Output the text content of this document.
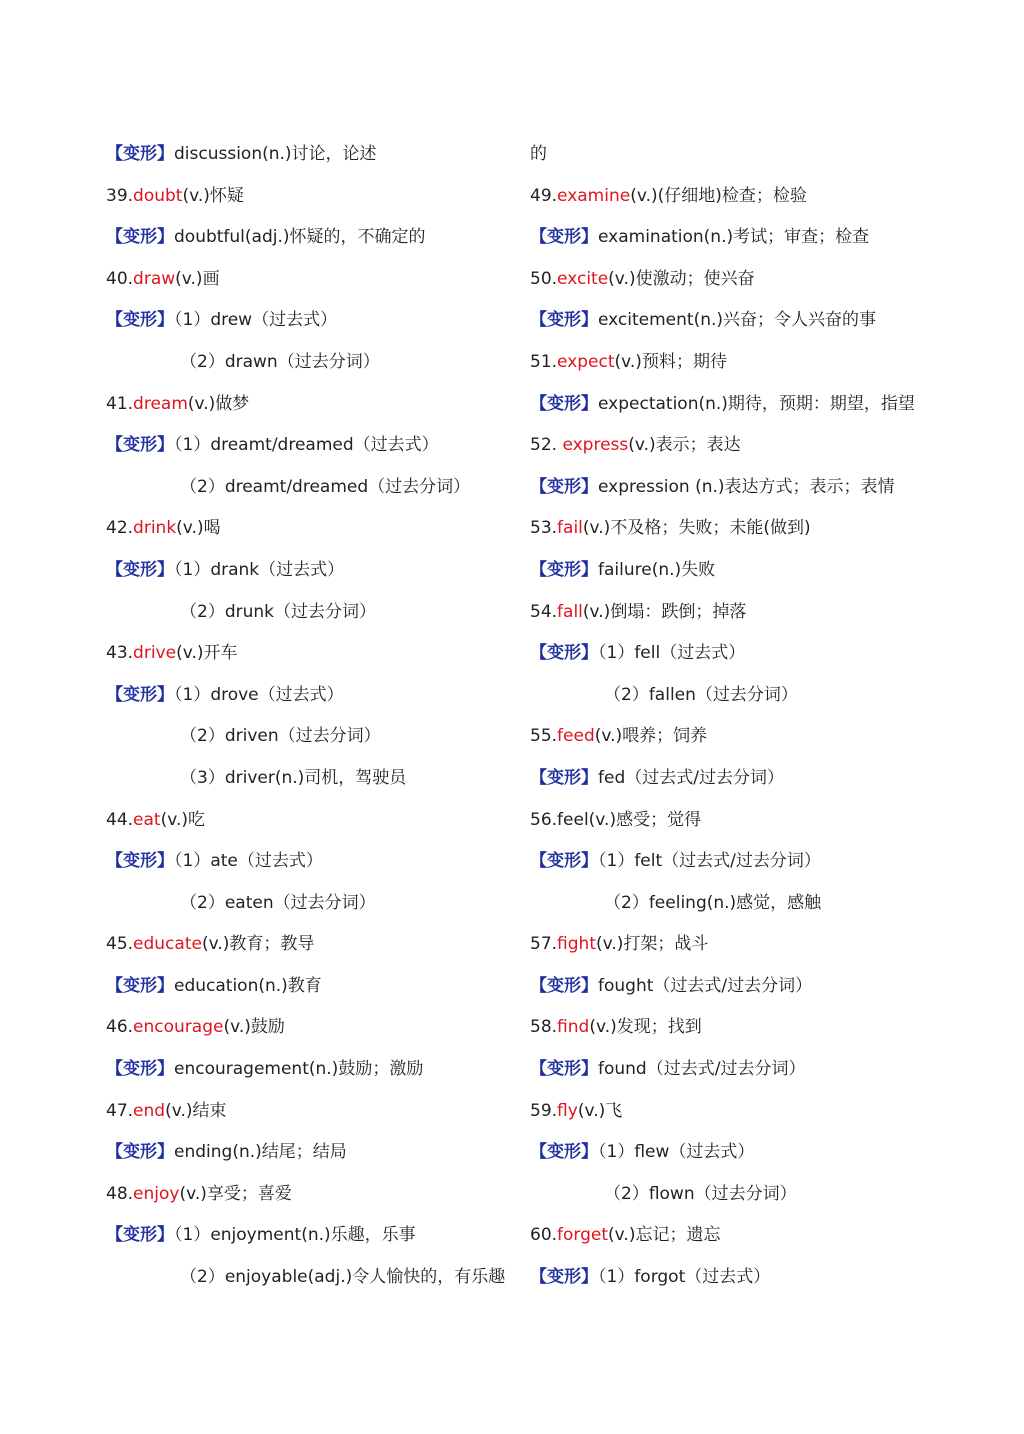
【变形】discussion(n.)讨论，论述
39.doubt(v.)怀疑
【变形】doubtful(adj.)怀疑的，不确定的
40.draw(v.)画
【变形】（1）drew（过去式）
（2）drawn（过去分词）
41.dream(v.)做梦
【变形】（1）dreamt/dreamed（过去式）
（2）dreamt/dreamed（过去分词）
42.drink(v.)喝
【变形】（1）drank（过去式）
（2）drunk（过去分词）
43.drive(v.)开车
【变形】（1）drove（过去式）
（2）driven（过去分词）
（3）driver(n.)司机，驾驶员
44.eat(v.)吃
【变形】（1）ate（过去式）
（2）eaten（过去分词）
45.educate(v.)教育；教导
【变形】education(n.)教育
46.encourage(v.)鼓励
【变形】encouragement(n.)鼓励；激励
47.end(v.)结束
【变形】ending(n.)结尾；结局
48.enjoy(v.)享受；喜爱
【变形】（1）enjoyment(n.)乐趣，乐事
（2）enjoyable(adj.)令人愉快的，有乐趣
的
49.examine(v.)(仔细地)检查；检验
【变形】examination(n.)考试；审查；检查
50.excite(v.)使激动；使兴奋
【变形】excitement(n.)兴奋；令人兴奋的事
51.expect(v.)预料；期待
【变形】expectation(n.)期待，预期：期望，指望
52. express(v.)表示；表达
【变形】expression (n.)表达方式；表示；表情
53.fail(v.)不及格；失败；未能(做到)
【变形】failure(n.)失败
54.fall(v.)倒塌：跌倒；掉落
【变形】（1）fell（过去式）
（2）fallen（过去分词）
55.feed(v.)喂养；饲养
【变形】fed（过去式/过去分词）
56.feel(v.)感受；觉得
【变形】（1）felt（过去式/过去分词）
（2）feeling(n.)感觉，感触
57.fight(v.)打架；战斗
【变形】fought（过去式/过去分词）
58.find(v.)发现；找到
【变形】found（过去式/过去分词）
59.fly(v.)飞
【变形】（1）flew（过去式）
（2）flown（过去分词）
60.forget(v.)忘记；遗忘
【变形】（1）forgot（过去式）
